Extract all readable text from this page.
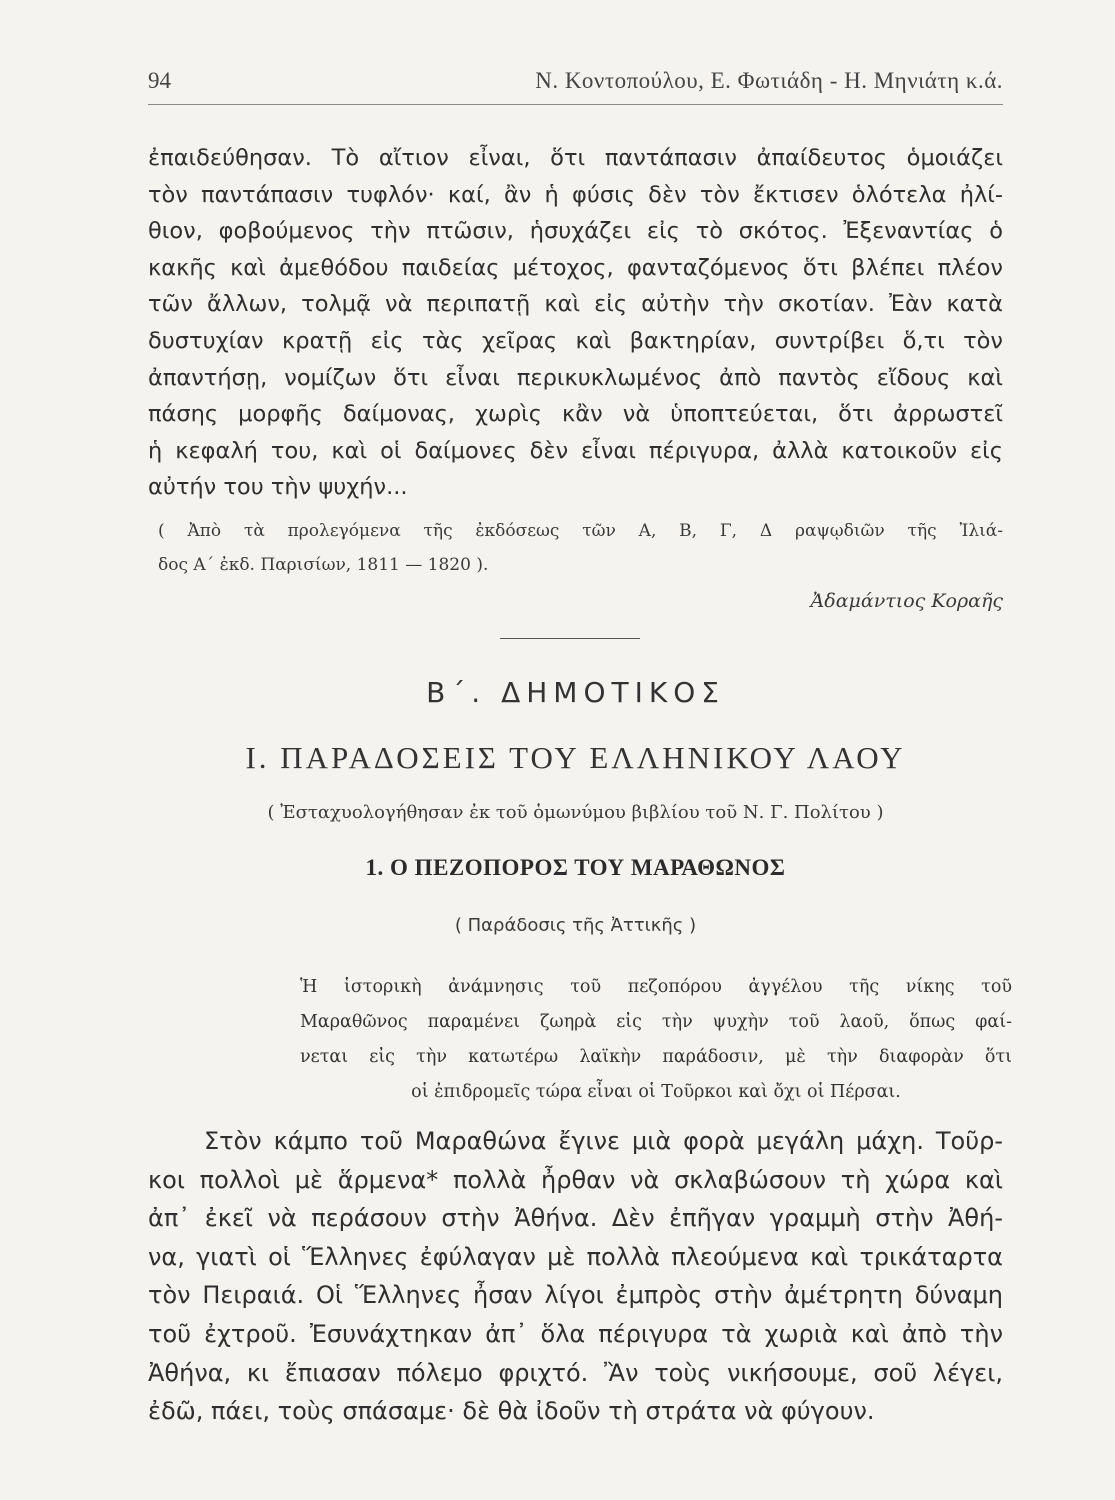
94	Ν. Κοντοπούλου, Ε. Φωτιάδη - Η. Μηνιάτη κ.ά.
ἐπαιδεύθησαν. Τὸ αἴτιον εἶναι, ὅτι παντάπασιν ἀπαίδευτος ὁμοιάζει
τὸν παντάπασιν τυφλόν· καί, ἂν ἡ φύσις δὲν τὸν ἔκτισεν ὁλότελα ἠλί-
θιον, φοβούμενος τὴν πτῶσιν, ἡσυχάζει εἰς τὸ σκότος. Ἐξεναντίας ὁ
κακῆς καὶ ἀμεθόδου παιδείας μέτοχος, φανταζόμενος ὅτι βλέπει πλέον
τῶν ἄλλων, τολμᾷ νὰ περιπατῇ καὶ εἰς αὐτὴν τὴν σκοτίαν. Ἐὰν κατὰ
δυστυχίαν κρατῇ εἰς τὰς χεῖρας καὶ βακτηρίαν, συντρίβει ὅ,τι τὸν
ἀπαντήσῃ, νομίζων ὅτι εἶναι περικυκλωμένος ἀπὸ παντὸς εἴδους καὶ
πάσης μορφῆς δαίμονας, χωρὶς κἂν νὰ ὑποπτεύεται, ὅτι ἀρρωστεῖ
ἡ κεφαλή του, καὶ οἱ δαίμονες δὲν εἶναι πέριγυρα, ἀλλὰ κατοικοῦν εἰς
αὐτήν του τὴν ψυχήν...
( Ἀπὸ τὰ προλεγόμενα τῆς ἐκδόσεως τῶν Α, Β, Γ, Δ ραψῳδιῶν τῆς Ἰλιά-
δος Α΄ ἐκδ. Παρισίων, 1811 — 1820 ).
Ἀδαμάντιος Κοραῆς
Β΄. ΔΗΜΟΤΙΚΟΣ
Ι. ΠΑΡΑΔΟΣΕΙΣ ΤΟΥ ΕΛΛΗΝΙΚΟΥ ΛΑΟΥ
( Ἐσταχυολογήθησαν ἐκ τοῦ ὁμωνύμου βιβλίου τοῦ Ν. Γ. Πολίτου )
1. Ο ΠΕΖΟΠΟΡΟΣ ΤΟΥ ΜΑΡΑΘΩΝΟΣ
( Παράδοσις τῆς Ἀττικῆς )
Ἡ ἱστορικὴ ἀνάμνησις τοῦ πεζοπόρου ἀγγέλου τῆς νίκης τοῦ
Μαραθῶνος παραμένει ζωηρὰ εἰς τὴν ψυχὴν τοῦ λαοῦ, ὅπως φαί-
νεται εἰς τὴν κατωτέρω λαϊκὴν παράδοσιν, μὲ τὴν διαφορὰν ὅτι
οἱ ἐπιδρομεῖς τώρα εἶναι οἱ Τοῦρκοι καὶ ὄχι οἱ Πέρσαι.
Στὸν κάμπο τοῦ Μαραθώνα ἔγινε μιὰ φορὰ μεγάλη μάχη. Τοῦρ-
κοι πολλοὶ μὲ ἅρμενα* πολλὰ ἦρθαν νὰ σκλαβώσουν τὴ χώρα καὶ
ἀπ᾿ ἐκεῖ νὰ περάσουν στὴν Ἀθήνα. Δὲν ἐπῆγαν γραμμὴ στὴν Ἀθή-
να, γιατὶ οἱ Ἕλληνες ἐφύλαγαν μὲ πολλὰ πλεούμενα καὶ τρικάταρτα
τὸν Πειραιά. Οἱ Ἕλληνες ἦσαν λίγοι ἐμπρὸς στὴν ἀμέτρητη δύναμη
τοῦ ἐχτροῦ. Ἐσυνάχτηκαν ἀπ᾿ ὅλα πέριγυρα τὰ χωριὰ καὶ ἀπὸ τὴν
Ἀθήνα, κι ἔπιασαν πόλεμο φριχτό. Ἂν τοὺς νικήσουμε, σοῦ λέγει,
ἐδῶ, πάει, τοὺς σπάσαμε· δὲ θὰ ἰδοῦν τὴ στράτα νὰ φύγουν.
